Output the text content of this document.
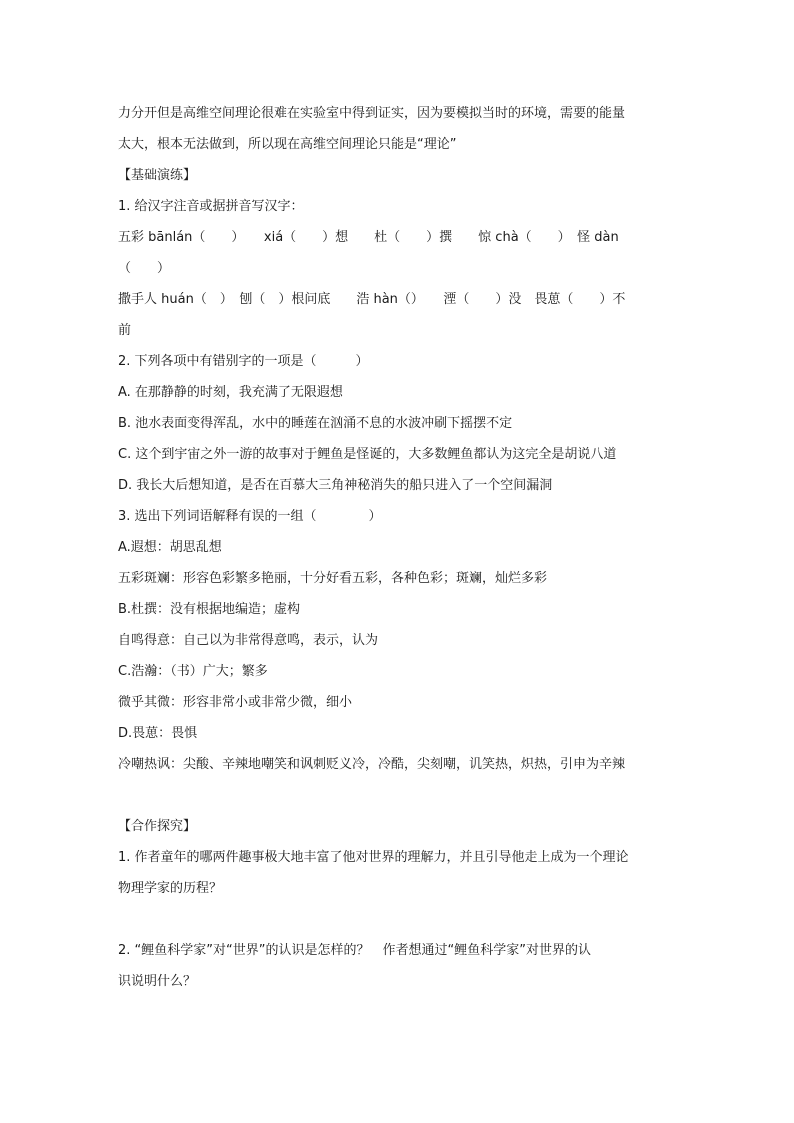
力分开但是高维空间理论很难在实验室中得到证实，因为要模拟当时的环境，需要的能量
太大，根本无法做到，所以现在高维空间理论只能是“理论”
【基础演练】
1. 给汉字注音或据拼音写汉字：
五彩 bānlán（　　）　　xiá（　　）想　　杜（　　）撰　　惊 chà（　　）　怪 dàn
（　　）
撒手人 huán（　）　刨（　）根问底　　浩 hàn（）　　湮（　　）没　畏葸（　　）不
前
2. 下列各项中有错别字的一项是（　　　）
A. 在那静静的时刻，我充满了无限遐想
B. 池水表面变得浑乱，水中的睡莲在汹涌不息的水波冲刷下摇摆不定
C. 这个到宇宙之外一游的故事对于鲤鱼是怪诞的，大多数鲤鱼都认为这完全是胡说八道
D. 我长大后想知道，是否在百慕大三角神秘消失的船只进入了一个空间漏洞
3. 选出下列词语解释有误的一组（　　　　）
A.遐想：胡思乱想
五彩斑斓：形容色彩繁多艳丽，十分好看五彩，各种色彩；斑斓，灿烂多彩
B.杜撰：没有根据地编造；虚构
自鸣得意：自己以为非常得意鸣，表示，认为
C.浩瀚：（书）广大；繁多
微乎其微：形容非常小或非常少微，细小
D.畏葸：畏惧
冷嘲热讽：尖酸、辛辣地嘲笑和讽刺贬义冷，冷酷，尖刻嘲，讥笑热，炽热，引申为辛辣
【合作探究】
1. 作者童年的哪两件趣事极大地丰富了他对世界的理解力，并且引导他走上成为一个理论
物理学家的历程？
2. “鲤鱼科学家”对“世界”的认识是怎样的？　作者想通过“鲤鱼科学家”对世界的认
识说明什么？
